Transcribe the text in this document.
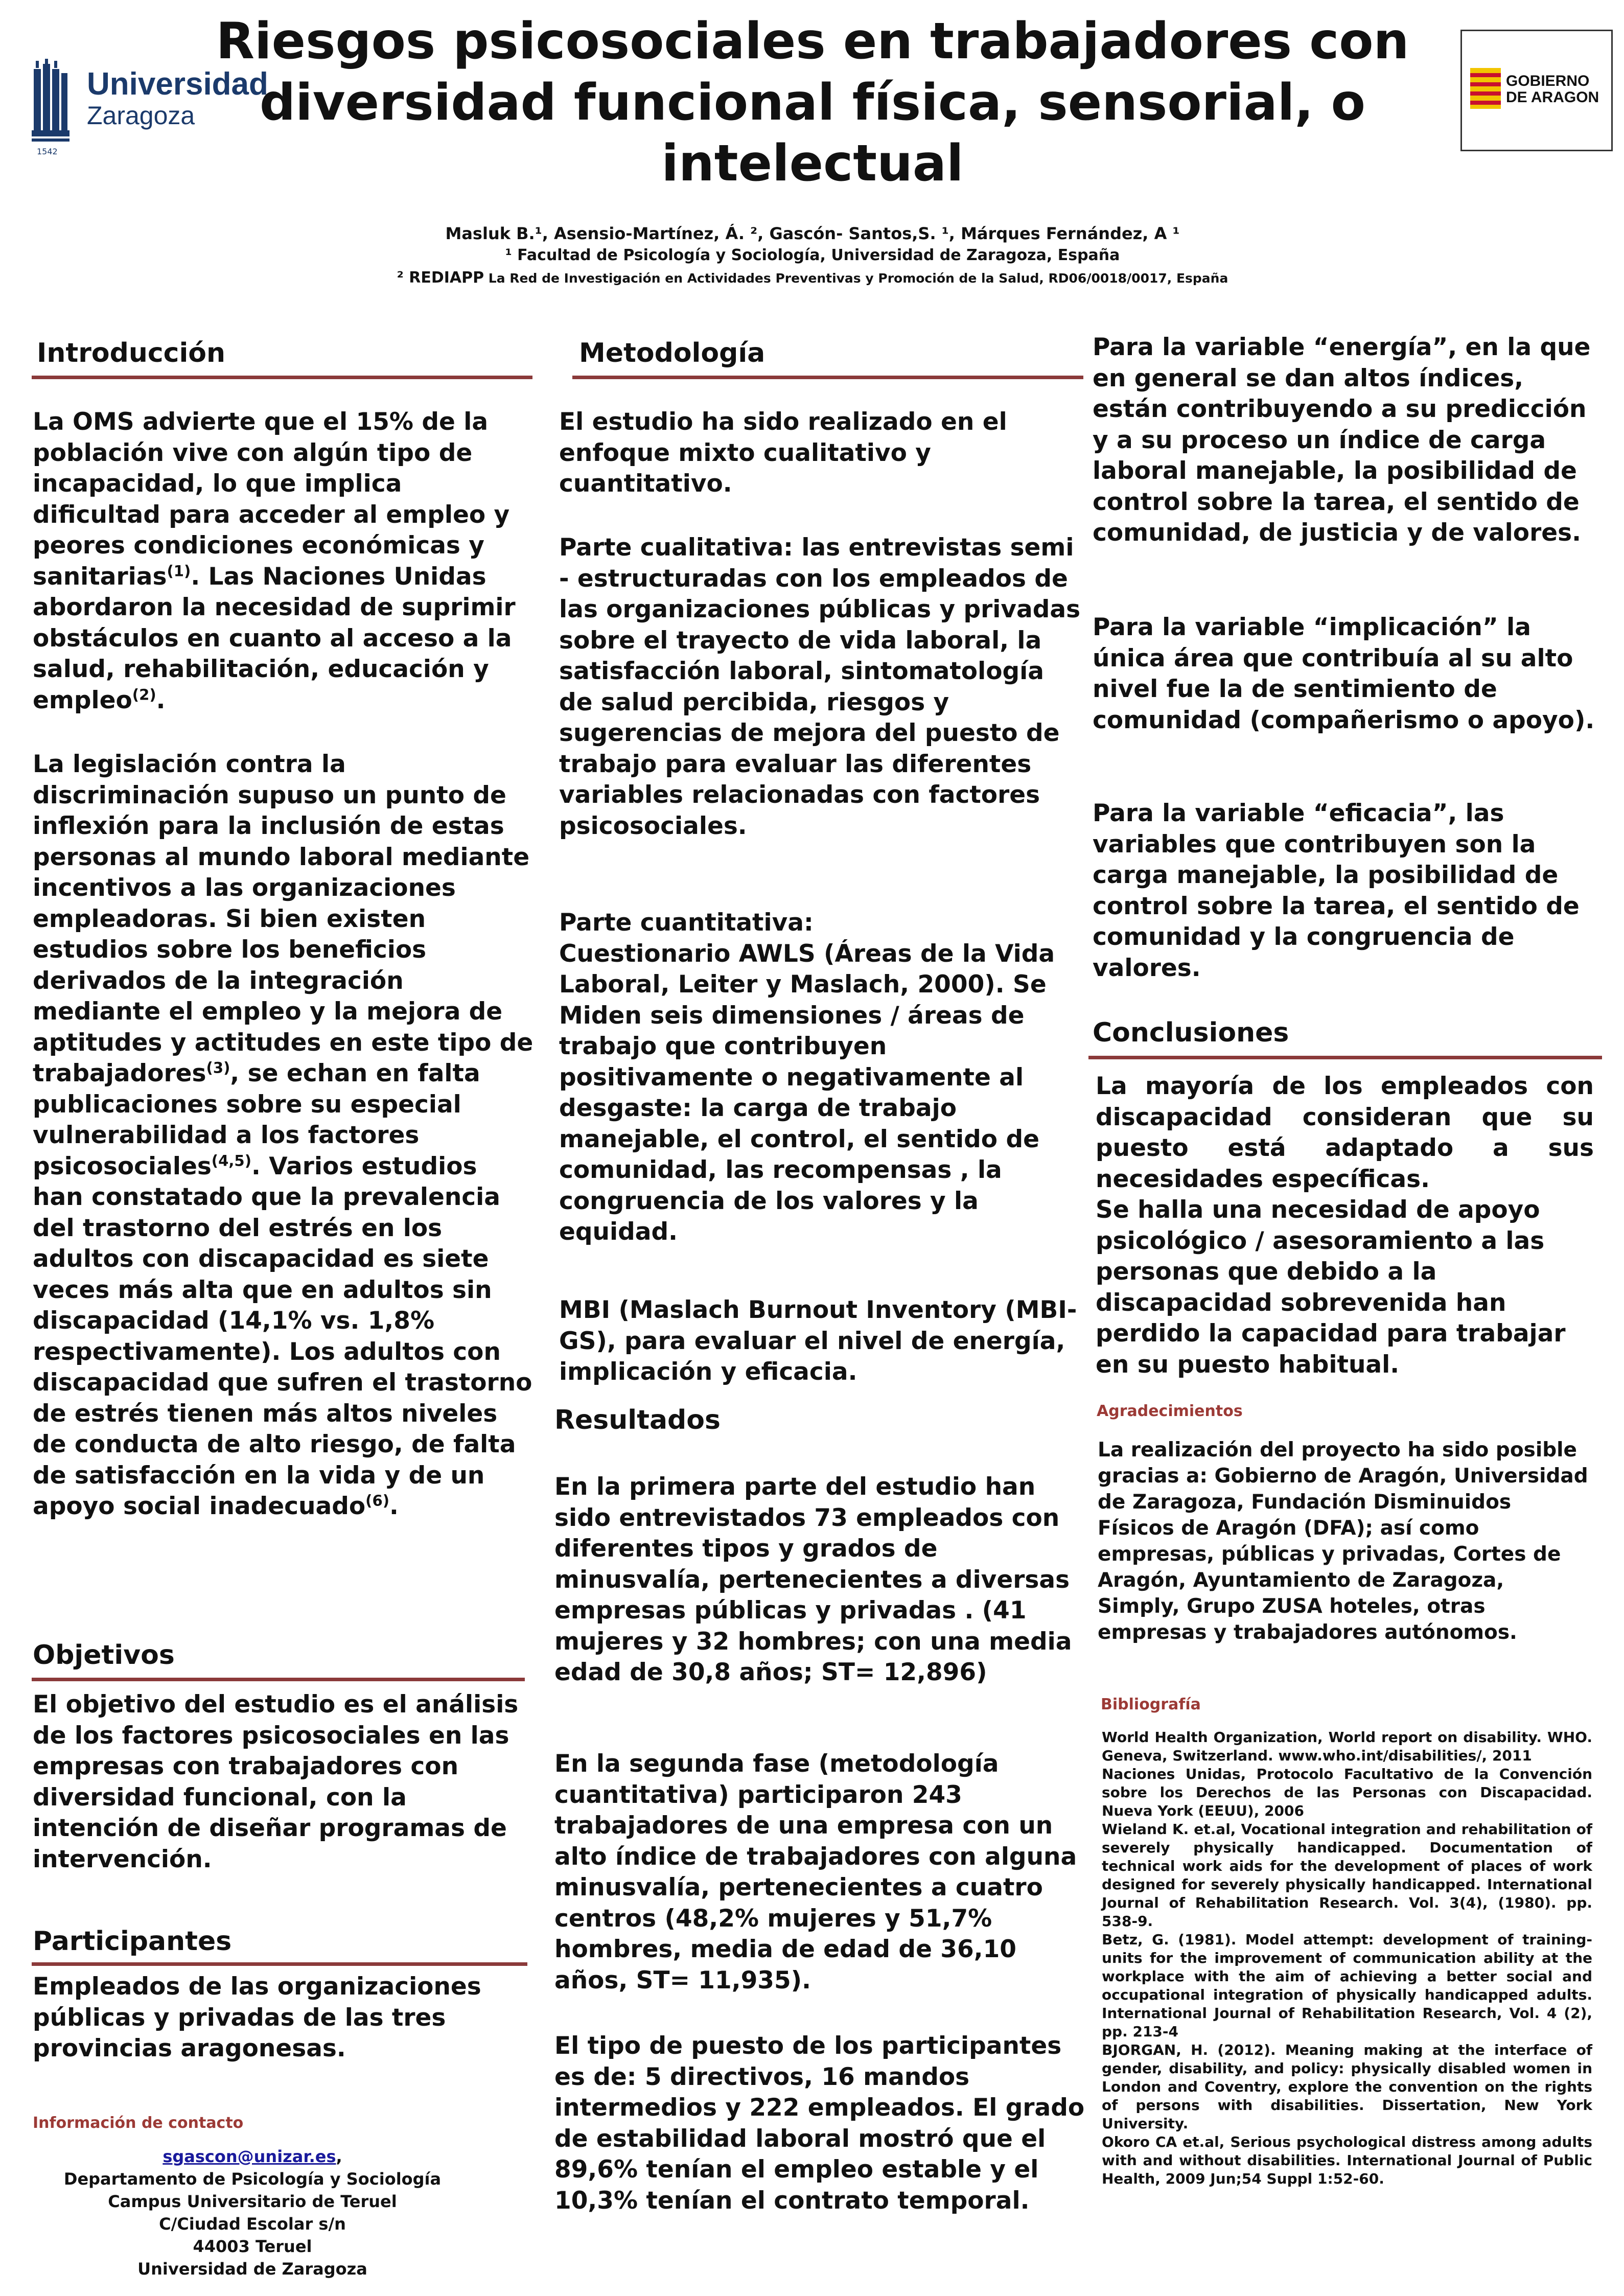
Universidad
Zaragoza
1542
Riesgos psicosociales en trabajadores con diversidad funcional física, sensorial, o intelectual
GOBIERNO
DE ARAGON
Masluk B.¹, Asensio-Martínez, Á. ², Gascón- Santos,S. ¹, Márques Fernández, A ¹
¹ Facultad de Psicología y Sociología, Universidad de Zaragoza, España
² REDIAPP La Red de Investigación en Actividades Preventivas y Promoción de la Salud, RD06/0018/0017, España
Introducción
La OMS advierte que el 15% de la población vive con algún tipo de incapacidad, lo que implica dificultad para acceder al empleo y peores condiciones económicas y sanitarias$^{(1)}$. Las Naciones Unidas abordaron la necesidad de suprimir obstáculos en cuanto al acceso a la salud, rehabilitación, educación y empleo$^{(2)}$.
La legislación contra la discriminación supuso un punto de inflexión para la inclusión de estas personas al mundo laboral mediante incentivos a las organizaciones empleadoras. Si bien existen estudios sobre los beneficios derivados de la integración mediante el empleo y la mejora de aptitudes y actitudes en este tipo de trabajadores$^{(3)}$, se echan en falta publicaciones sobre su especial vulnerabilidad a los factores psicosociales$^{(4,5)}$. Varios estudios han constatado que la prevalencia del trastorno del estrés en los adultos con discapacidad es siete veces más alta que en adultos sin discapacidad (14,1% vs. 1,8% respectivamente). Los adultos con discapacidad que sufren el trastorno de estrés tienen más altos niveles de conducta de alto riesgo, de falta de satisfacción en la vida y de un apoyo social inadecuado$^{(6)}$.
Objetivos
El objetivo del estudio es el análisis de los factores psicosociales en las empresas con trabajadores con diversidad funcional, con la intención de diseñar programas de intervención.
Participantes
Empleados de las organizaciones públicas y privadas de las tres provincias aragonesas.
Información de contacto
sgascon@unizar.es,
Departamento de Psicología y Sociología
Campus Universitario de Teruel
C/Ciudad Escolar s/n
44003 Teruel
Universidad de Zaragoza
Metodología
El estudio ha sido realizado en el enfoque mixto cualitativo y cuantitativo.
Parte cualitativa: las entrevistas semi - estructuradas con los empleados de las organizaciones públicas y privadas sobre el trayecto de vida laboral, la satisfacción laboral, sintomatología de salud percibida, riesgos y sugerencias de mejora del puesto de trabajo para evaluar las diferentes variables relacionadas con factores psicosociales.
Parte cuantitativa:
Cuestionario AWLS (Áreas de la Vida Laboral, Leiter y Maslach, 2000). Se Miden seis dimensiones / áreas de trabajo que contribuyen positivamente o negativamente al desgaste: la carga de trabajo manejable, el control, el sentido de comunidad, las recompensas , la congruencia de los valores y la equidad.
MBI (Maslach Burnout Inventory (MBI-GS), para evaluar el nivel de energía, implicación y eficacia.
Resultados
En la primera parte del estudio han sido entrevistados 73 empleados con diferentes tipos y grados de minusvalía, pertenecientes a diversas empresas públicas y privadas . (41 mujeres y 32 hombres; con una media edad de 30,8 años; ST= 12,896)
En la segunda fase (metodología cuantitativa) participaron 243 trabajadores de una empresa con un alto índice de trabajadores con alguna minusvalía, pertenecientes a cuatro centros (48,2% mujeres y 51,7% hombres, media de edad de 36,10 años, ST= 11,935).
El tipo de puesto de los participantes es de: 5 directivos, 16 mandos intermedios y 222 empleados. El grado de estabilidad laboral mostró que el 89,6% tenían el empleo estable y el 10,3% tenían el contrato temporal.
Para la variable “energía”, en la que en general se dan altos índices, están contribuyendo a su predicción y a su proceso un índice de carga laboral manejable, la posibilidad de control sobre la tarea, el sentido de comunidad, de justicia y de valores.
Para la variable “implicación” la única área que contribuía al su alto nivel fue la de sentimiento de comunidad (compañerismo o apoyo).
Para la variable “eficacia”, las variables que contribuyen son la carga manejable, la posibilidad de control sobre la tarea, el sentido de comunidad y la congruencia de valores.
Conclusiones
La mayoría de los empleados con discapacidad consideran que su puesto está adaptado a sus necesidades específicas.
Se halla una necesidad de apoyo psicológico / asesoramiento a las personas que debido a la discapacidad sobrevenida han perdido la capacidad para trabajar en su puesto habitual.
Agradecimientos
La realización del proyecto ha sido posible gracias a: Gobierno de Aragón, Universidad de Zaragoza, Fundación Disminuidos Físicos de Aragón (DFA); así como empresas, públicas y privadas, Cortes de Aragón, Ayuntamiento de Zaragoza, Simply, Grupo ZUSA hoteles, otras empresas y trabajadores autónomos.
Bibliografía
World Health Organization, World report on disability. WHO. Geneva, Switzerland. www.who.int/disabilities/, 2011
Naciones Unidas, Protocolo Facultativo de la Convención sobre los Derechos de las Personas con Discapacidad. Nueva York (EEUU), 2006
Wieland K. et.al, Vocational integration and rehabilitation of severely physically handicapped. Documentation of technical work aids for the development of places of work designed for severely physically handicapped. International Journal of Rehabilitation Research. Vol. 3(4), (1980). pp. 538-9.
Betz, G. (1981). Model attempt: development of training-units for the improvement of communication ability at the workplace with the aim of achieving a better social and occupational integration of physically handicapped adults. International Journal of Rehabilitation Research, Vol. 4 (2), pp. 213-4
BJORGAN, H. (2012). Meaning making at the interface of gender, disability, and policy: physically disabled women in London and Coventry, explore the convention on the rights of persons with disabilities. Dissertation, New York University.
Okoro CA et.al, Serious psychological distress among adults with and without disabilities. International Journal of Public Health, 2009 Jun;54 Suppl 1:52-60.
